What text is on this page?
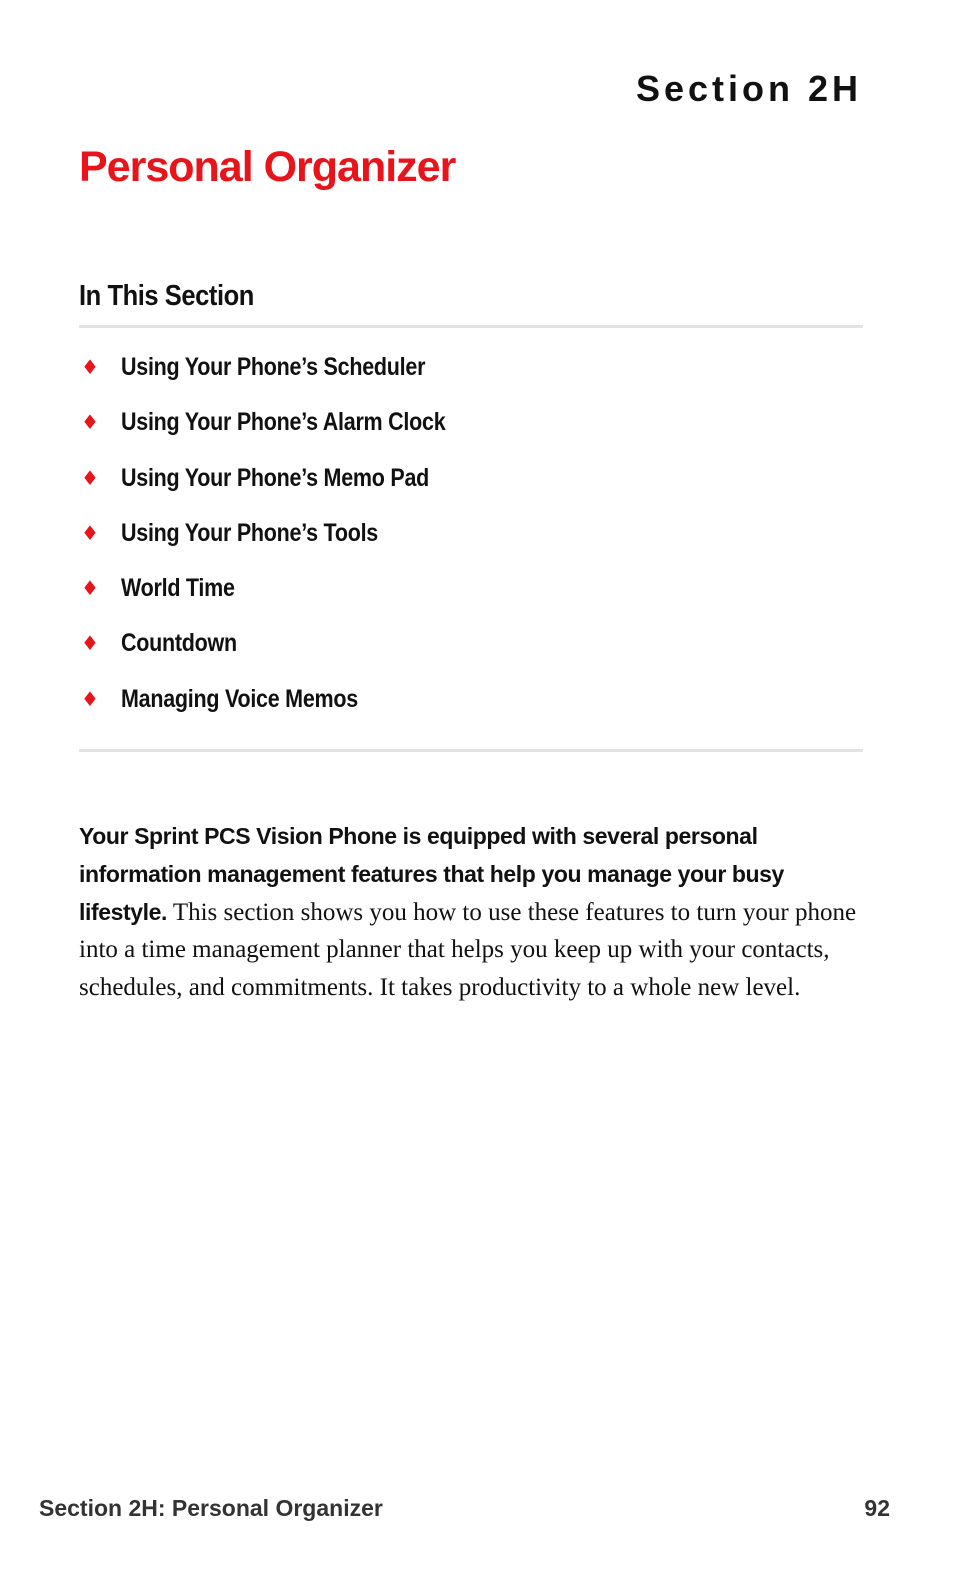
Section 2H
Personal Organizer
In This Section
♦ Using Your Phone’s Scheduler
♦ Using Your Phone’s Alarm Clock
♦ Using Your Phone’s Memo Pad
♦ Using Your Phone’s Tools
♦ World Time
♦ Countdown
♦ Managing Voice Memos

Your Sprint PCS Vision Phone is equipped with several personal information management features that help you manage your busy lifestyle. This section shows you how to use these features to turn your phone into a time management planner that helps you keep up with your contacts, schedules, and commitments. It takes productivity to a whole new level.

Section 2H: Personal Organizer	92
